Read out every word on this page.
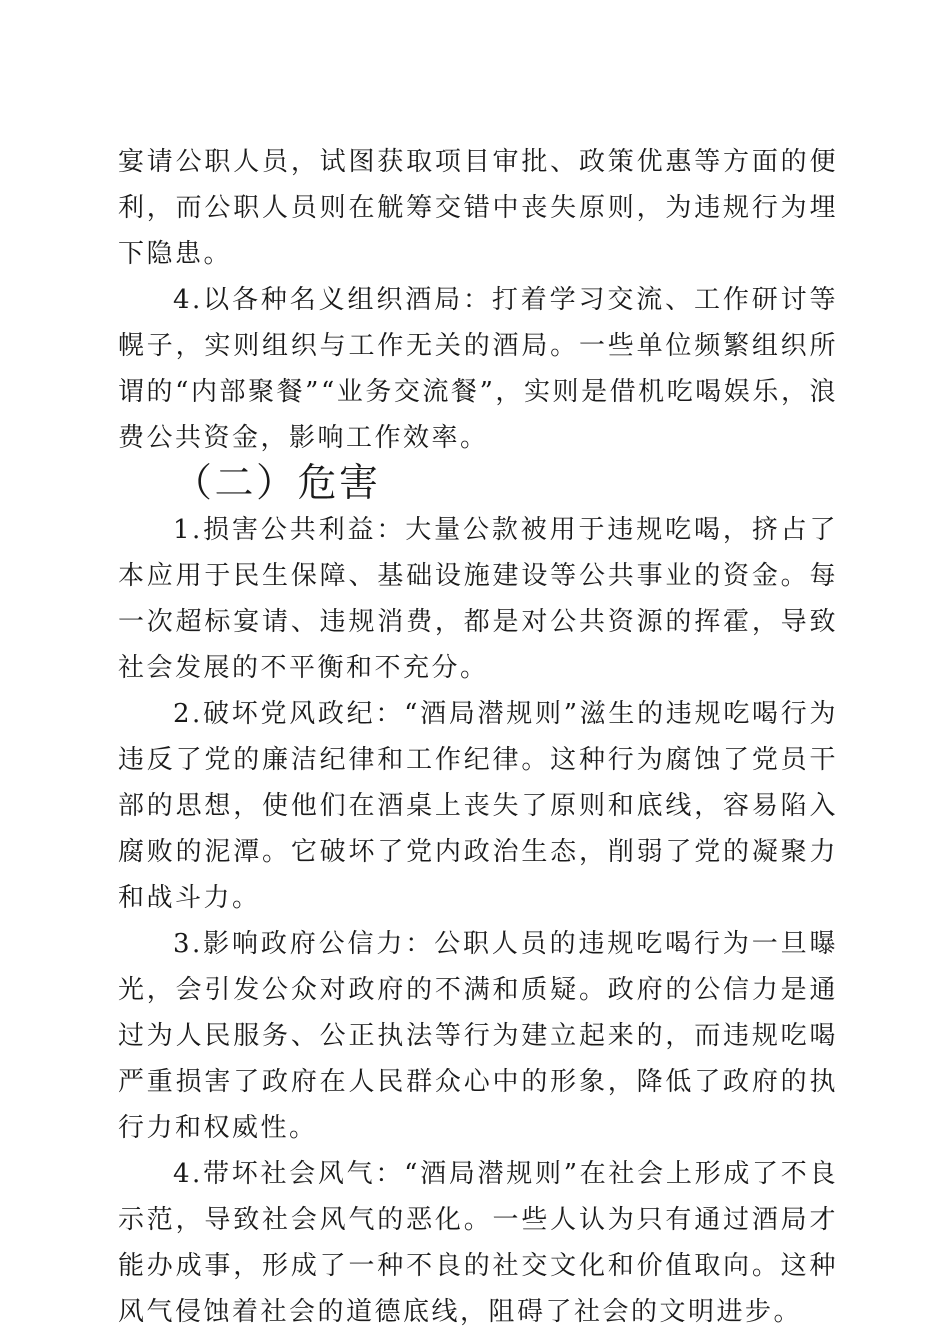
宴请公职人员，试图获取项目审批、政策优惠等方面的便利，而公职人员则在觥筹交错中丧失原则，为违规行为埋下隐患。

4.以各种名义组织酒局：打着学习交流、工作研讨等幌子，实则组织与工作无关的酒局。一些单位频繁组织所谓的“内部聚餐”“业务交流餐”，实则是借机吃喝娱乐，浪费公共资金，影响工作效率。

（二）危害

1.损害公共利益：大量公款被用于违规吃喝，挤占了本应用于民生保障、基础设施建设等公共事业的资金。每一次超标宴请、违规消费，都是对公共资源的挥霍，导致社会发展的不平衡和不充分。

2.破坏党风政纪：“酒局潜规则”滋生的违规吃喝行为违反了党的廉洁纪律和工作纪律。这种行为腐蚀了党员干部的思想，使他们在酒桌上丧失了原则和底线，容易陷入腐败的泥潭。它破坏了党内政治生态，削弱了党的凝聚力和战斗力。

3.影响政府公信力：公职人员的违规吃喝行为一旦曝光，会引发公众对政府的不满和质疑。政府的公信力是通过为人民服务、公正执法等行为建立起来的，而违规吃喝严重损害了政府在人民群众心中的形象，降低了政府的执行力和权威性。

4.带坏社会风气：“酒局潜规则”在社会上形成了不良示范，导致社会风气的恶化。一些人认为只有通过酒局才能办成事，形成了一种不良的社交文化和价值取向。这种风气侵蚀着社会的道德底线，阻碍了社会的文明进步。
